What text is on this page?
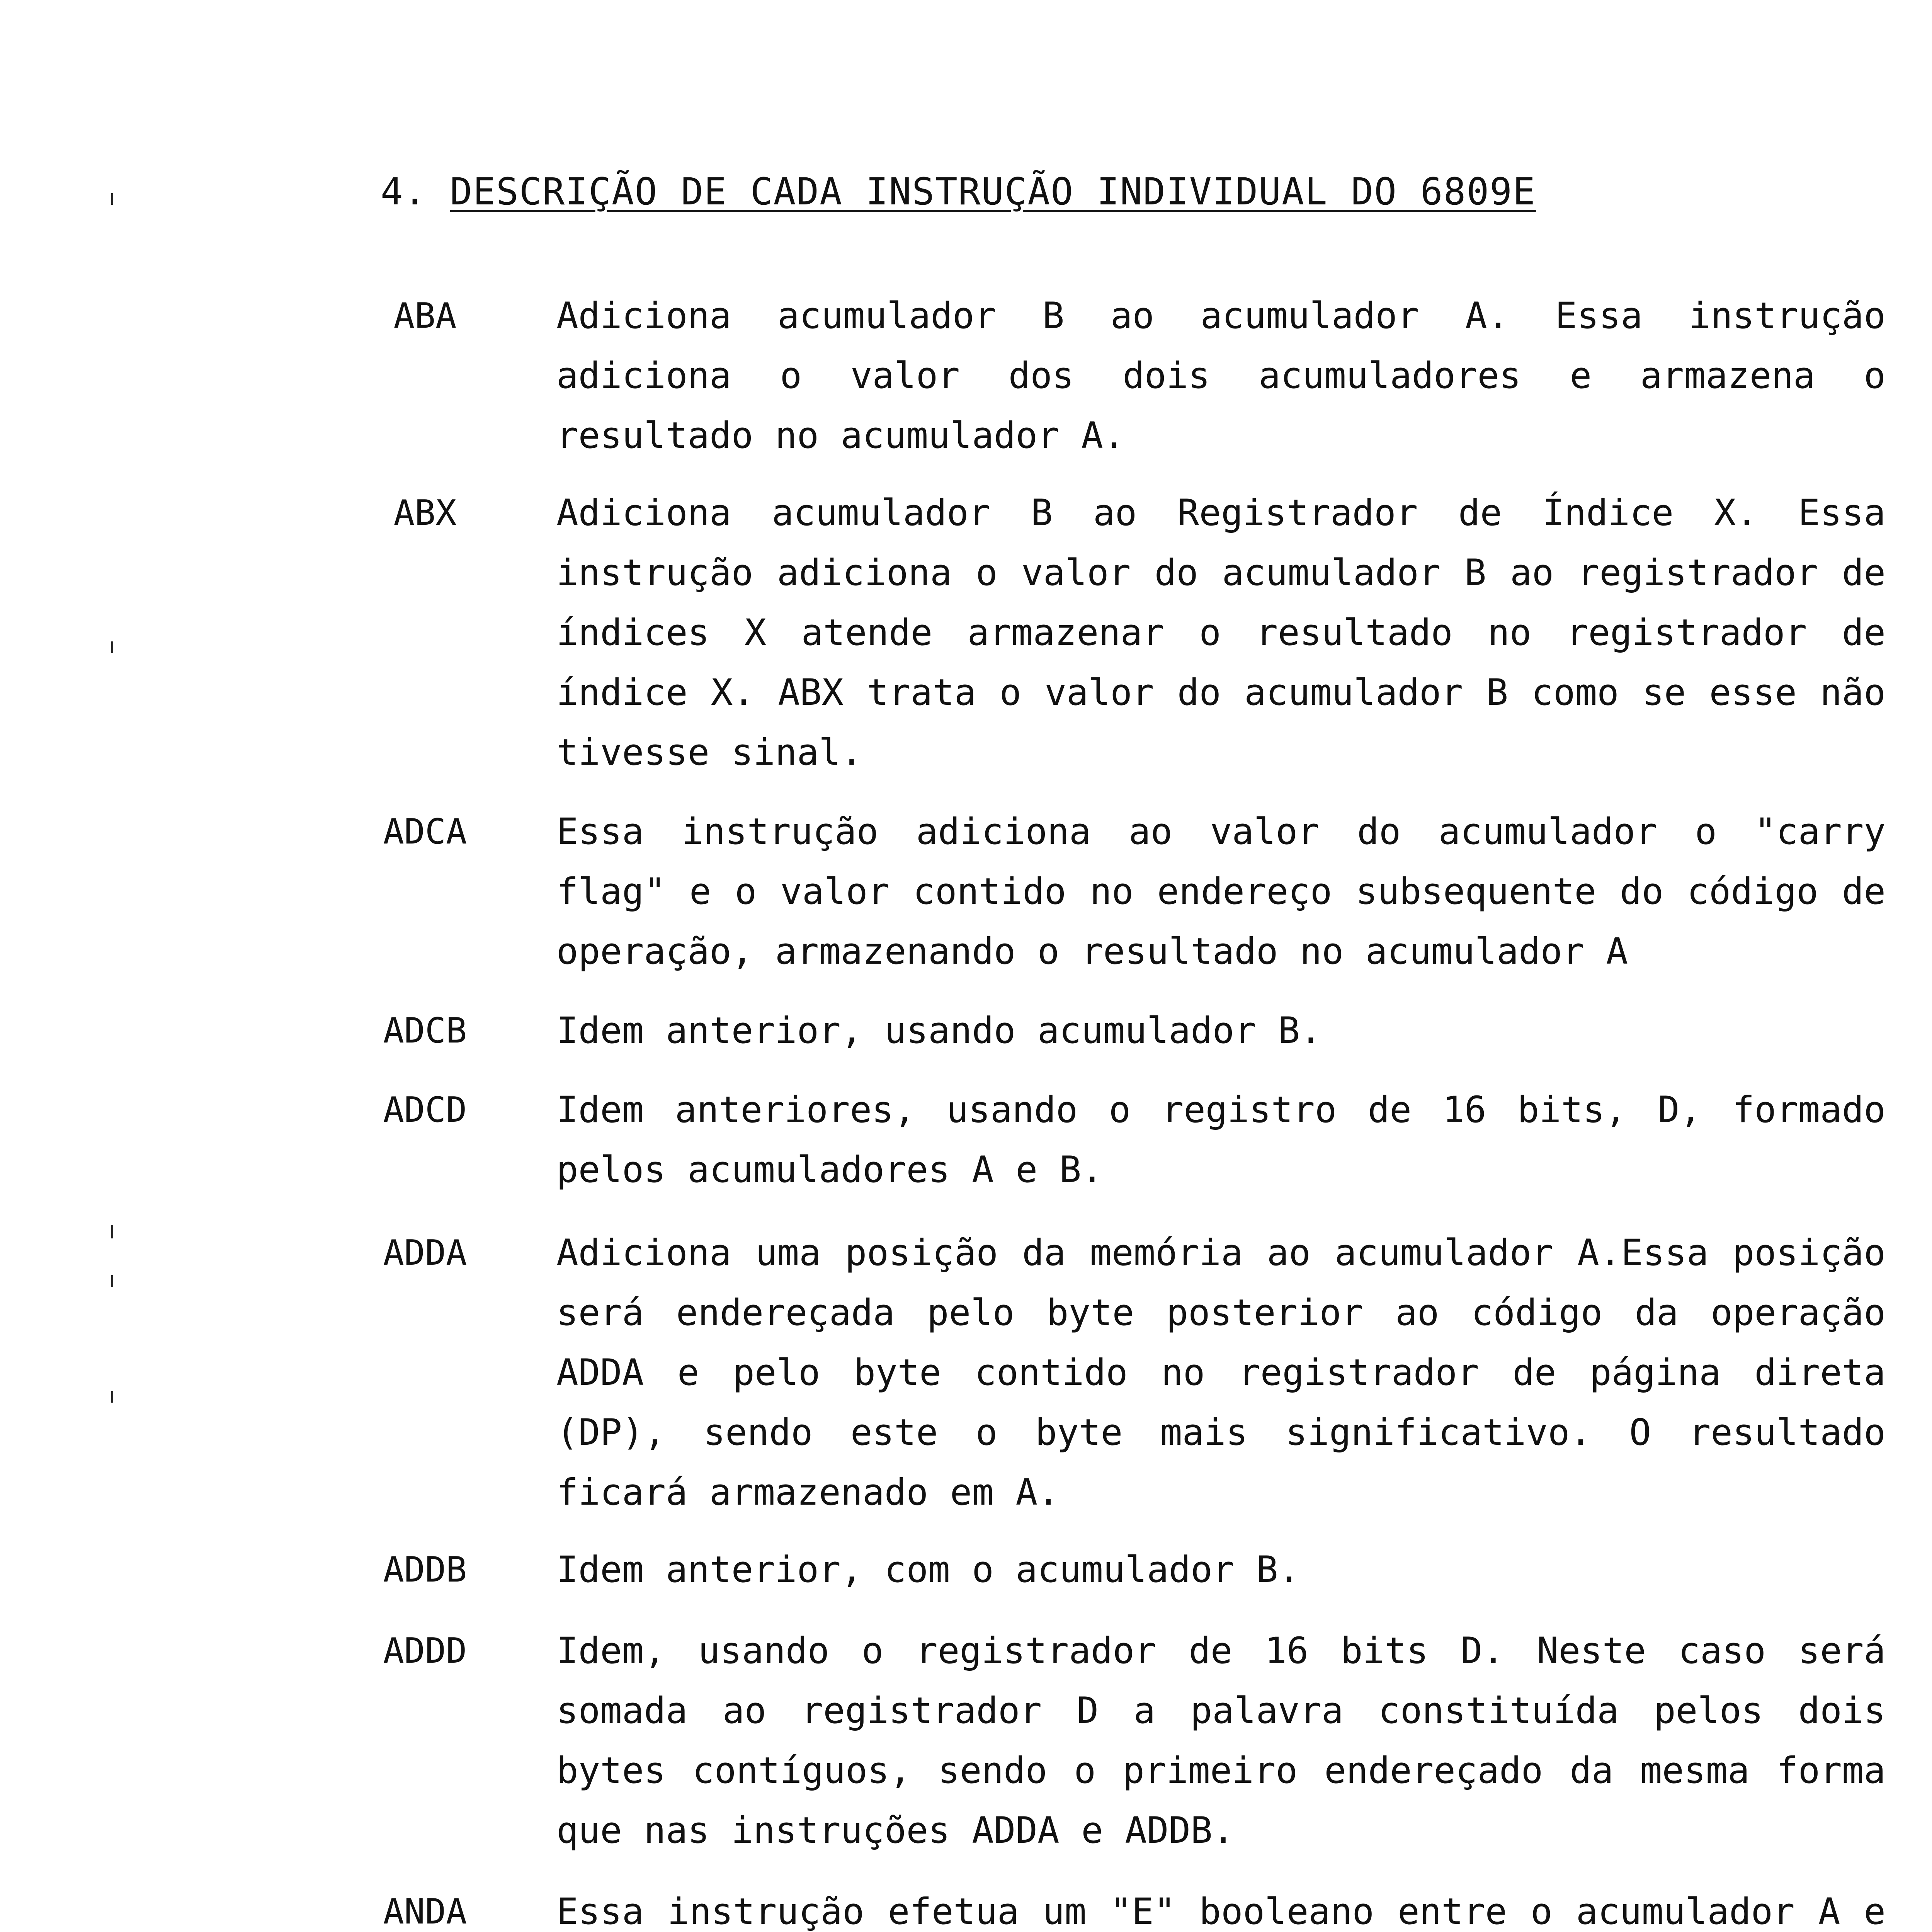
4. DESCRIÇÃO DE CADA INSTRUÇÃO INDIVIDUAL DO 6809E
ABA	Adiciona acumulador B ao acumulador A. Essa instrução adiciona o valor dos dois acumuladores e armazena o resultado no acumulador A.
ABX	Adiciona acumulador B ao Registrador de Índice X. Essa instrução adiciona o valor do acumulador B ao registrador de índices X atende armazenar o resultado no registrador de índice X. ABX trata o valor do acumulador B como se esse não tivesse sinal.
ADCA	Essa instrução adiciona ao valor do acumulador o "carry flag" e o valor contido no endereço subsequente do código de operação, armazenando o resultado no acumulador A
ADCB	Idem anterior, usando acumulador B.
ADCD	Idem anteriores, usando o registro de 16 bits, D, formado pelos acumuladores A e B.
ADDA	Adiciona uma posição da memória ao acumulador A.Essa posição será endereçada pelo byte posterior ao código da operação ADDA e pelo byte contido no registrador de página direta (DP), sendo este o byte mais significativo. O resultado ficará armazenado em A.
ADDB	Idem anterior, com o acumulador B.
ADDD	Idem, usando o registrador de 16 bits D. Neste caso será somada ao registrador D a palavra constituída pelos dois bytes contíguos, sendo o primeiro endereçado da mesma forma que nas instruções ADDA e ADDB.
ANDA	Essa instrução efetua um "E" booleano entre o acumulador A e
